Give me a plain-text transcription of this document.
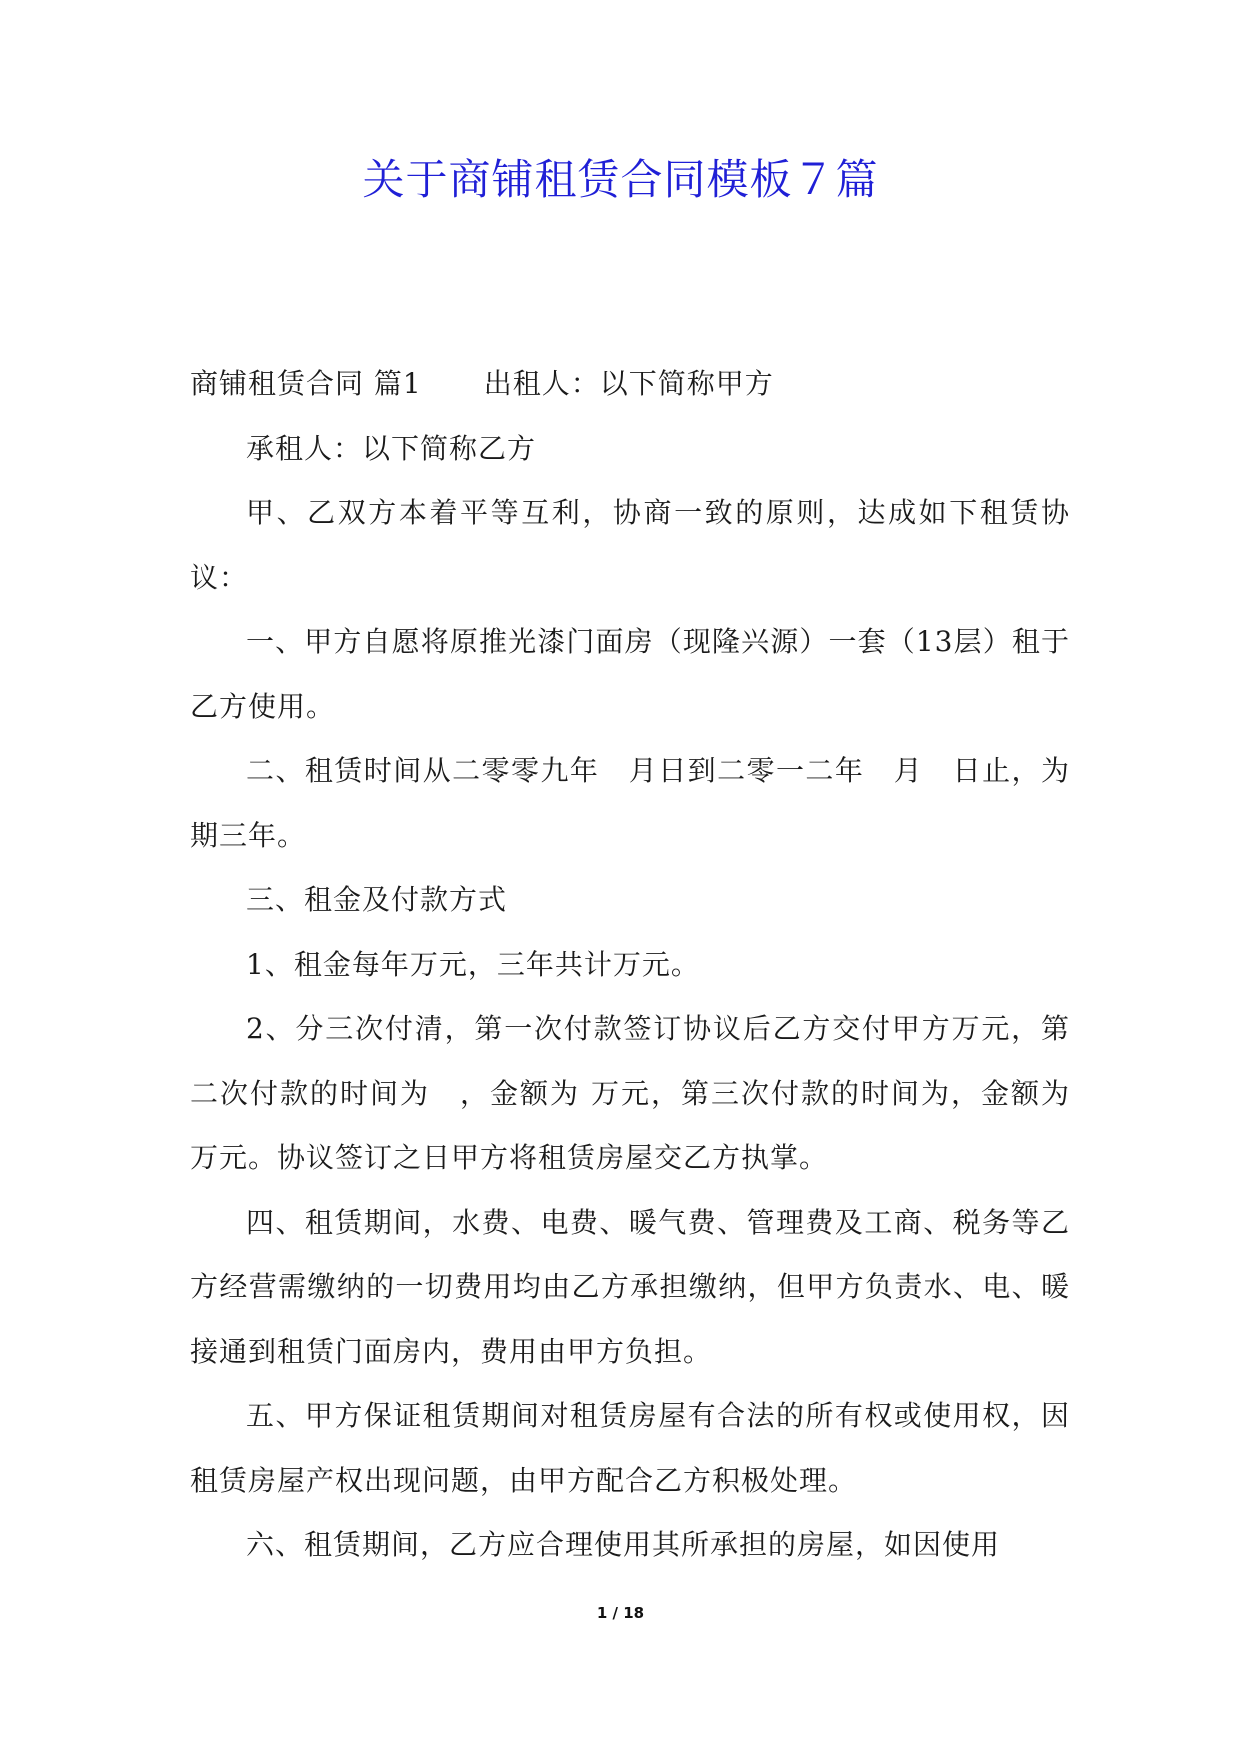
关于商铺租赁合同模板７篇

商铺租赁合同 篇1 出租人：以下简称甲方

承租人：以下简称乙方

甲、乙双方本着平等互利，协商一致的原则，达成如下租赁协议：

一、甲方自愿将原推光漆门面房（现隆兴源）一套（13层）租于乙方使用。

二、租赁时间从二零零九年　月日到二零一二年　月　日止，为期三年。

三、租金及付款方式

1、租金每年万元，三年共计万元。

2、分三次付清，第一次付款签订协议后乙方交付甲方万元，第二次付款的时间为　，金额为 万元，第三次付款的时间为，金额为 万元。协议签订之日甲方将租赁房屋交乙方执掌。

四、租赁期间，水费、电费、暖气费、管理费及工商、税务等乙方经营需缴纳的一切费用均由乙方承担缴纳，但甲方负责水、电、暖接通到租赁门面房内，费用由甲方负担。

五、甲方保证租赁期间对租赁房屋有合法的所有权或使用权，因租赁房屋产权出现问题，由甲方配合乙方积极处理。

六、租赁期间，乙方应合理使用其所承担的房屋，如因使用

1 / 18
